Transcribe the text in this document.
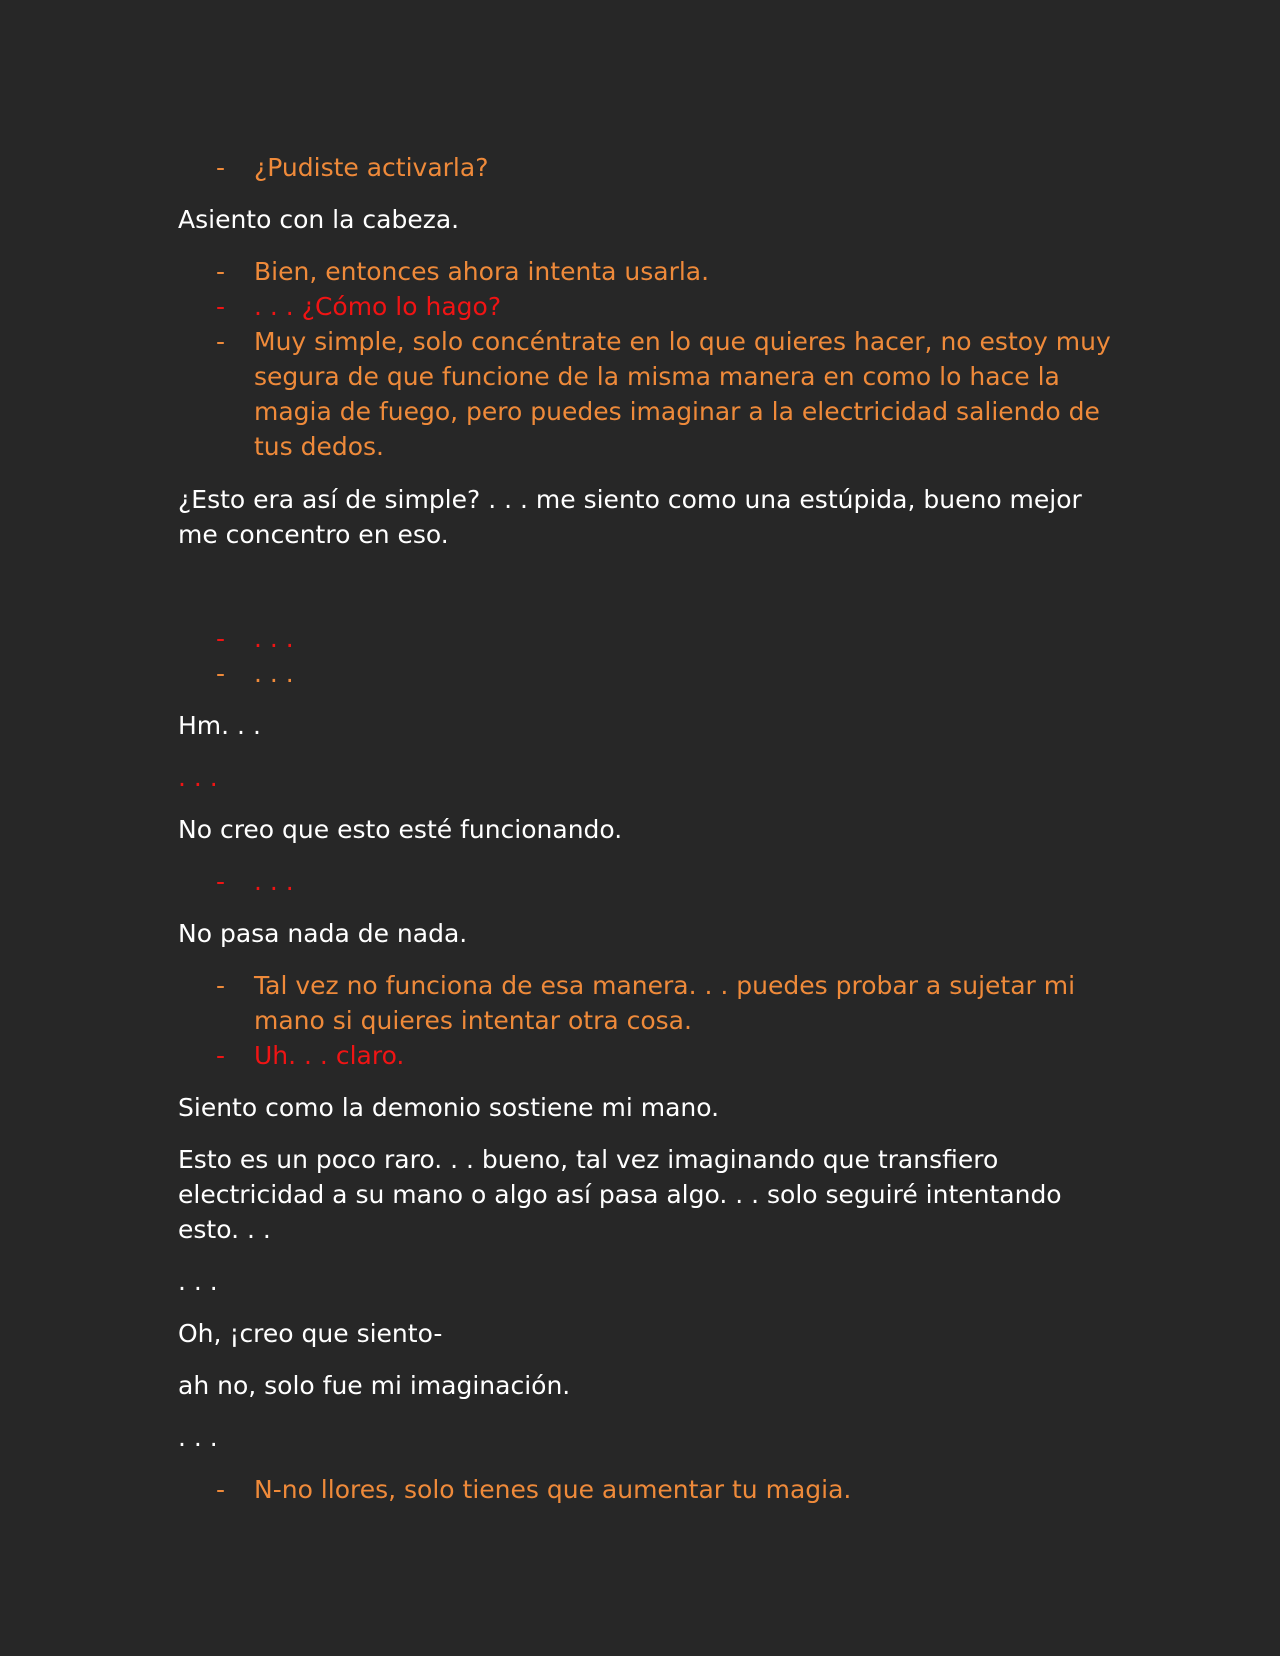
-	¿Pudiste activarla?

Asiento con la cabeza.

-	Bien, entonces ahora intenta usarla.
-	. . . ¿Cómo lo hago?
-	Muy simple, solo concéntrate en lo que quieres hacer, no estoy muy segura de que funcione de la misma manera en como lo hace la magia de fuego, pero puedes imaginar a la electricidad saliendo de tus dedos.

¿Esto era así de simple? . . . me siento como una estúpida, bueno mejor me concentro en eso.

-	. . .
-	. . .

Hm. . .

. . .

No creo que esto esté funcionando.

-	. . .

No pasa nada de nada.

-	Tal vez no funciona de esa manera. . . puedes probar a sujetar mi mano si quieres intentar otra cosa.
-	Uh. . . claro.

Siento como la demonio sostiene mi mano.

Esto es un poco raro. . . bueno, tal vez imaginando que transfiero electricidad a su mano o algo así pasa algo. . . solo seguiré intentando esto. . .

. . .

Oh, ¡creo que siento-

ah no, solo fue mi imaginación.

. . .

-	N-no llores, solo tienes que aumentar tu magia.
